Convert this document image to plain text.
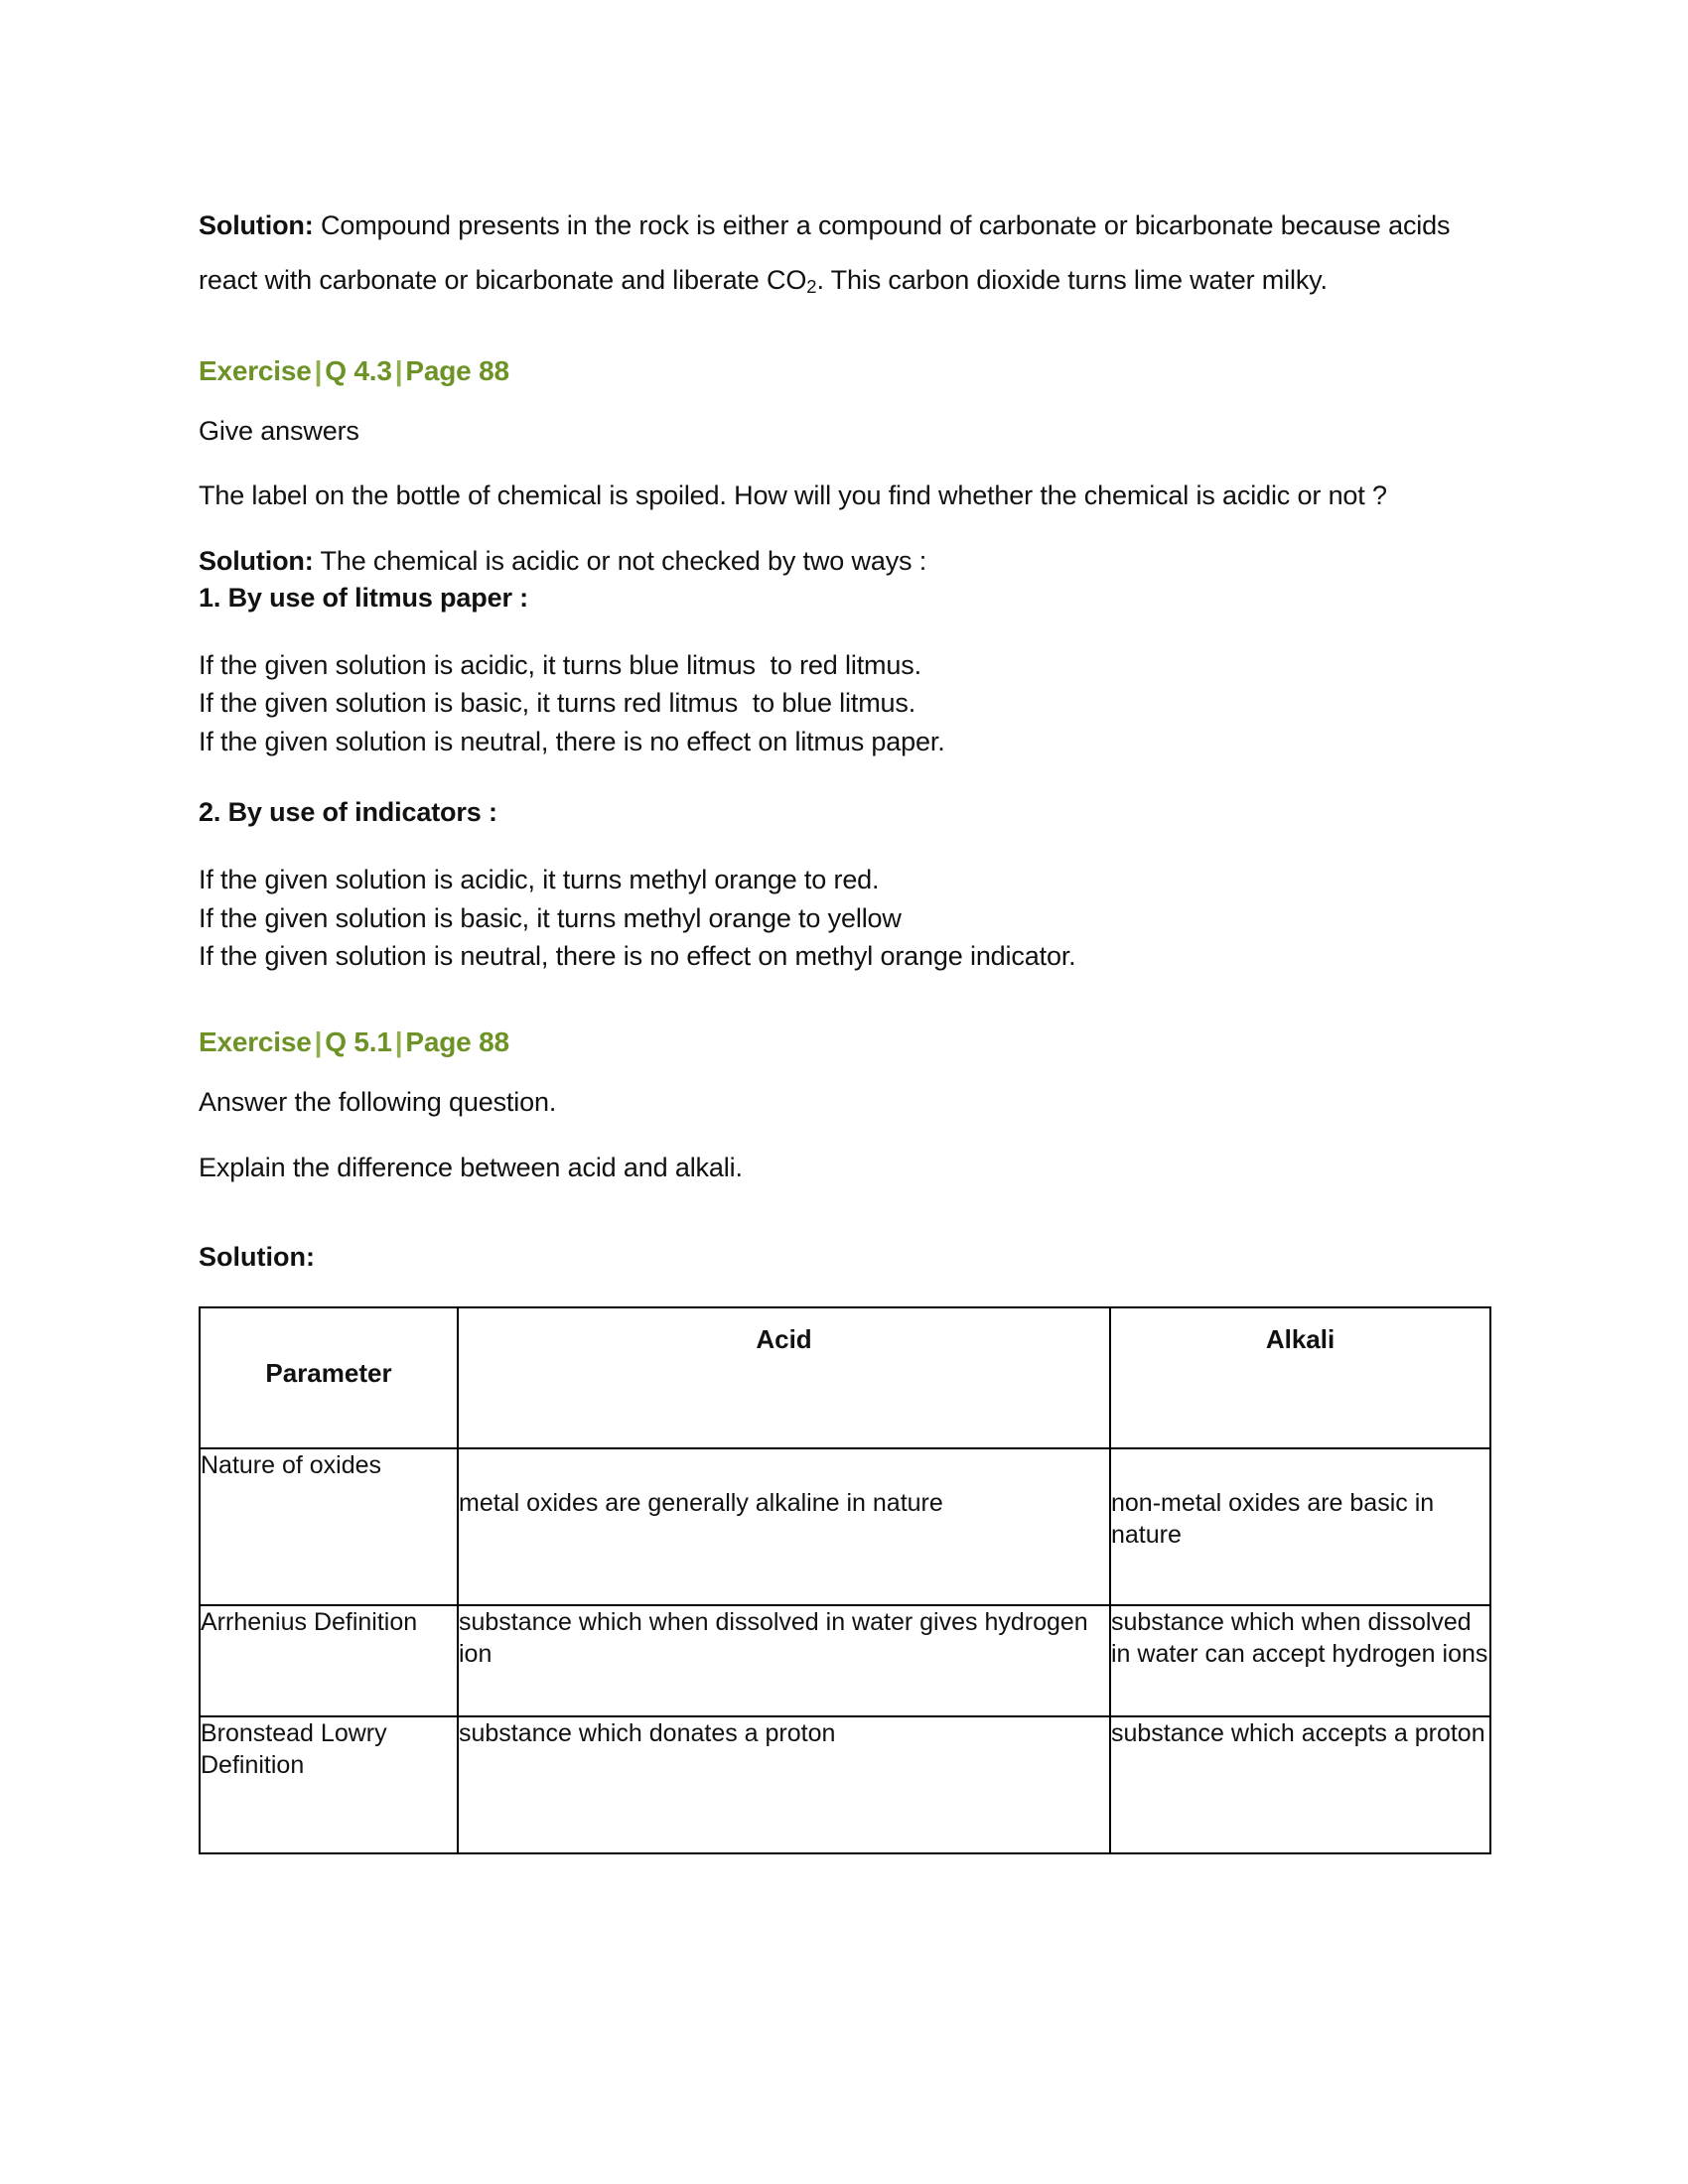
Solution: Compound presents in the rock is either a compound of carbonate or bicarbonate because acids react with carbonate or bicarbonate and liberate $CO_2$. This carbon dioxide turns lime water milky.

Exercise | Q 4.3 | Page 88

Give answers

The label on the bottle of chemical is spoiled. How will you find whether the chemical is acidic or not ?

Solution: The chemical is acidic or not checked by two ways :

1. By use of litmus paper :

If the given solution is acidic, it turns blue litmus  to red litmus.
If the given solution is basic, it turns red litmus  to blue litmus.
If the given solution is neutral, there is no effect on litmus paper.

2. By use of indicators :

If the given solution is acidic, it turns methyl orange to red.
If the given solution is basic, it turns methyl orange to yellow
If the given solution is neutral, there is no effect on methyl orange indicator.
Exercise | Q 5.1 | Page 88

Answer the following question.

Explain the difference between acid and alkali.

Solution:

Parameter	Acid	Alkali

Nature of oxides	metal oxides are generally alkaline in nature	non-metal oxides are basic in nature
Arrhenius Definition	substance which when dissolved in water gives hydrogen ion	substance which when dissolved in water can accept hydrogen ions
Bronstead Lowry Definition	substance which donates a proton	substance which accepts a proton
